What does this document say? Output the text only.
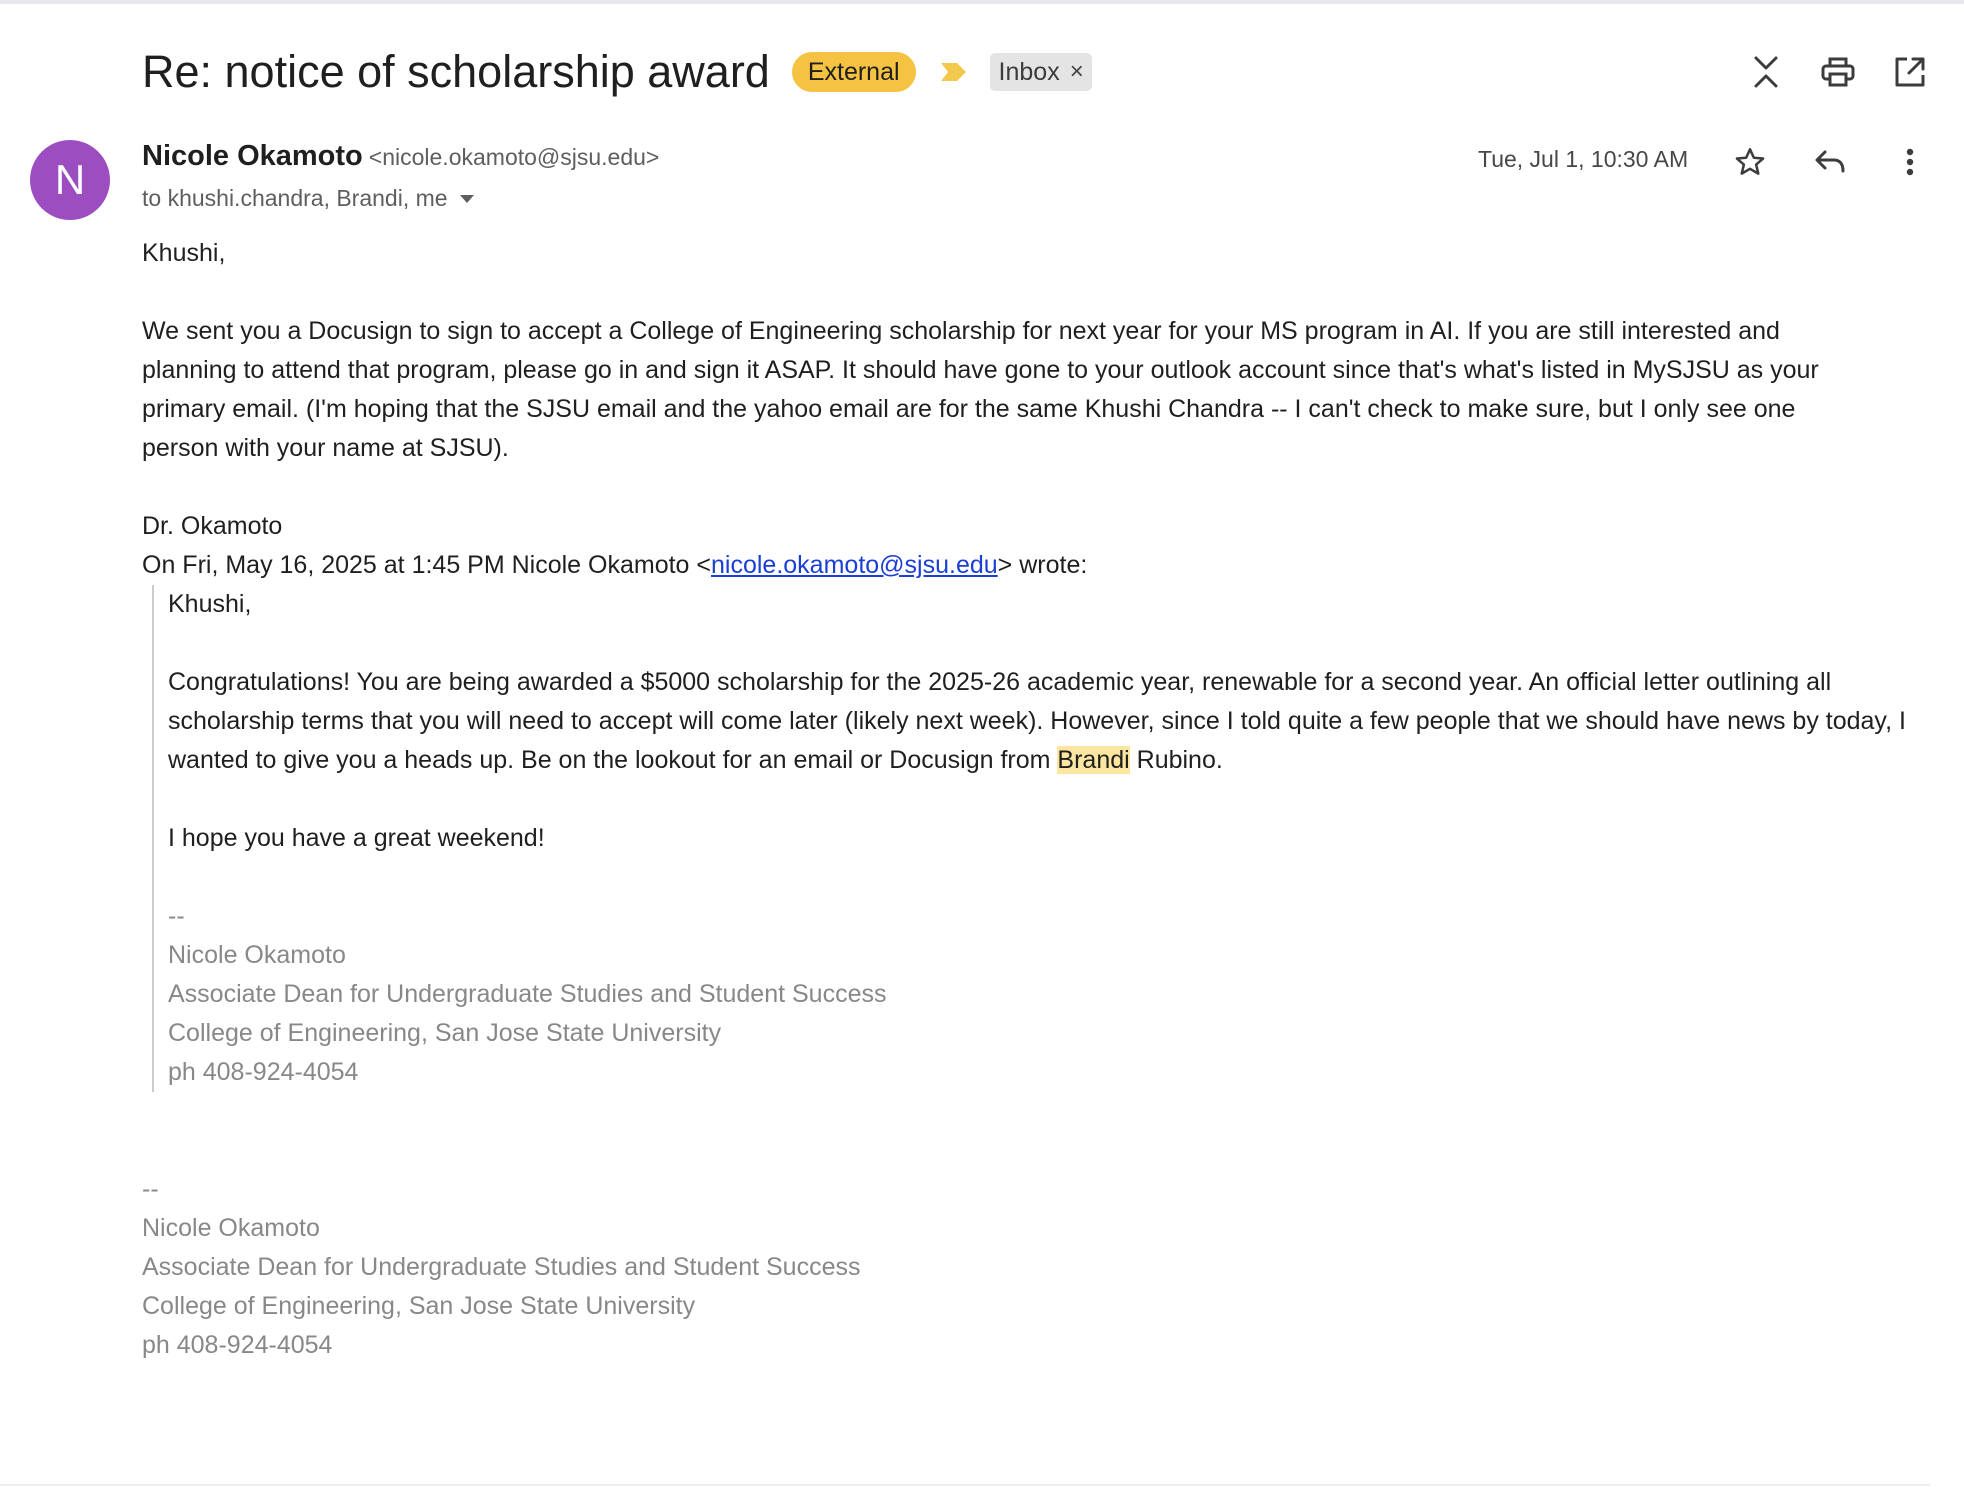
Re: notice of scholarship award	External	Inbox ×
N	Nicole Okamoto <nicole.okamoto@sjsu.edu>
to khushi.chandra, Brandi, me
Tue, Jul 1, 10:30 AM

Khushi,

We sent you a Docusign to sign to accept a College of Engineering scholarship for next year for your MS program in AI. If you are still interested and planning to attend that program, please go in and sign it ASAP. It should have gone to your outlook account since that's what's listed in MySJSU as your primary email. (I'm hoping that the SJSU email and the yahoo email are for the same Khushi Chandra -- I can't check to make sure, but I only see one person with your name at SJSU).

Dr. Okamoto

On Fri, May 16, 2025 at 1:45 PM Nicole Okamoto <nicole.okamoto@sjsu.edu> wrote:

Khushi,

Congratulations! You are being awarded a $5000 scholarship for the 2025-26 academic year, renewable for a second year. An official letter outlining all scholarship terms that you will need to accept will come later (likely next week). However, since I told quite a few people that we should have news by today, I wanted to give you a heads up. Be on the lookout for an email or Docusign from Brandi Rubino.

I hope you have a great weekend!

--

Nicole Okamoto

Associate Dean for Undergraduate Studies and Student Success

College of Engineering, San Jose State University

ph 408-924-4054

--

Nicole Okamoto

Associate Dean for Undergraduate Studies and Student Success

College of Engineering, San Jose State University

ph 408-924-4054
